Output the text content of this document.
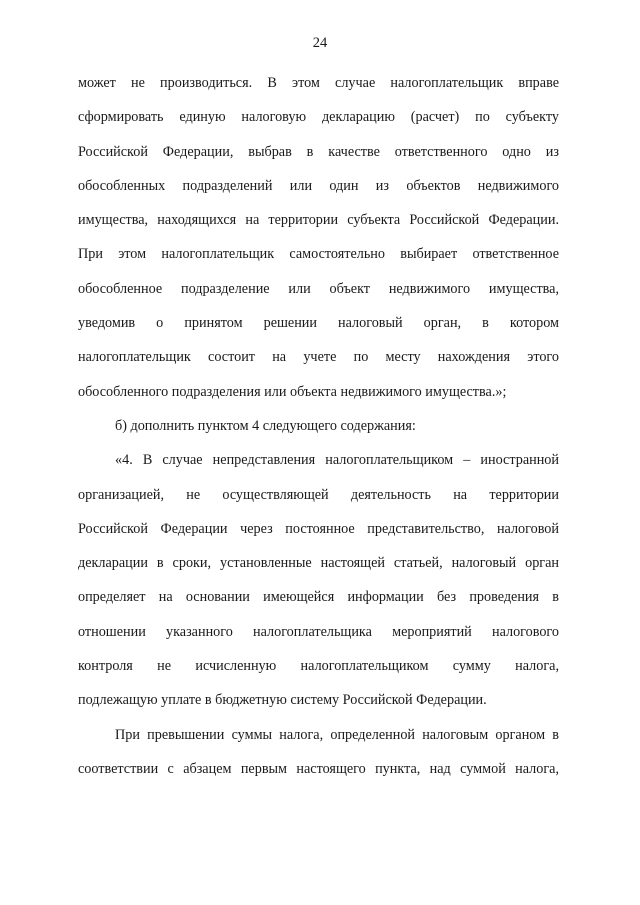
24
может не производиться. В этом случае налогоплательщик вправе
сформировать единую налоговую декларацию (расчет) по субъекту
Российской Федерации, выбрав в качестве ответственного одно из
обособленных подразделений или один из объектов недвижимого
имущества, находящихся на территории субъекта Российской Федерации.
При этом налогоплательщик самостоятельно выбирает ответственное
обособленное подразделение или объект недвижимого имущества,
уведомив о принятом решении налоговый орган, в котором
налогоплательщик состоит на учете по месту нахождения этого
обособленного подразделения или объекта недвижимого имущества.»;
б) дополнить пунктом 4 следующего содержания:
«4. В случае непредставления налогоплательщиком – иностранной
организацией, не осуществляющей деятельность на территории
Российской Федерации через постоянное представительство, налоговой
декларации в сроки, установленные настоящей статьей, налоговый орган
определяет на основании имеющейся информации без проведения в
отношении указанного налогоплательщика мероприятий налогового
контроля не исчисленную налогоплательщиком сумму налога,
подлежащую уплате в бюджетную систему Российской Федерации.
При превышении суммы налога, определенной налоговым органом в
соответствии с абзацем первым настоящего пункта, над суммой налога,
